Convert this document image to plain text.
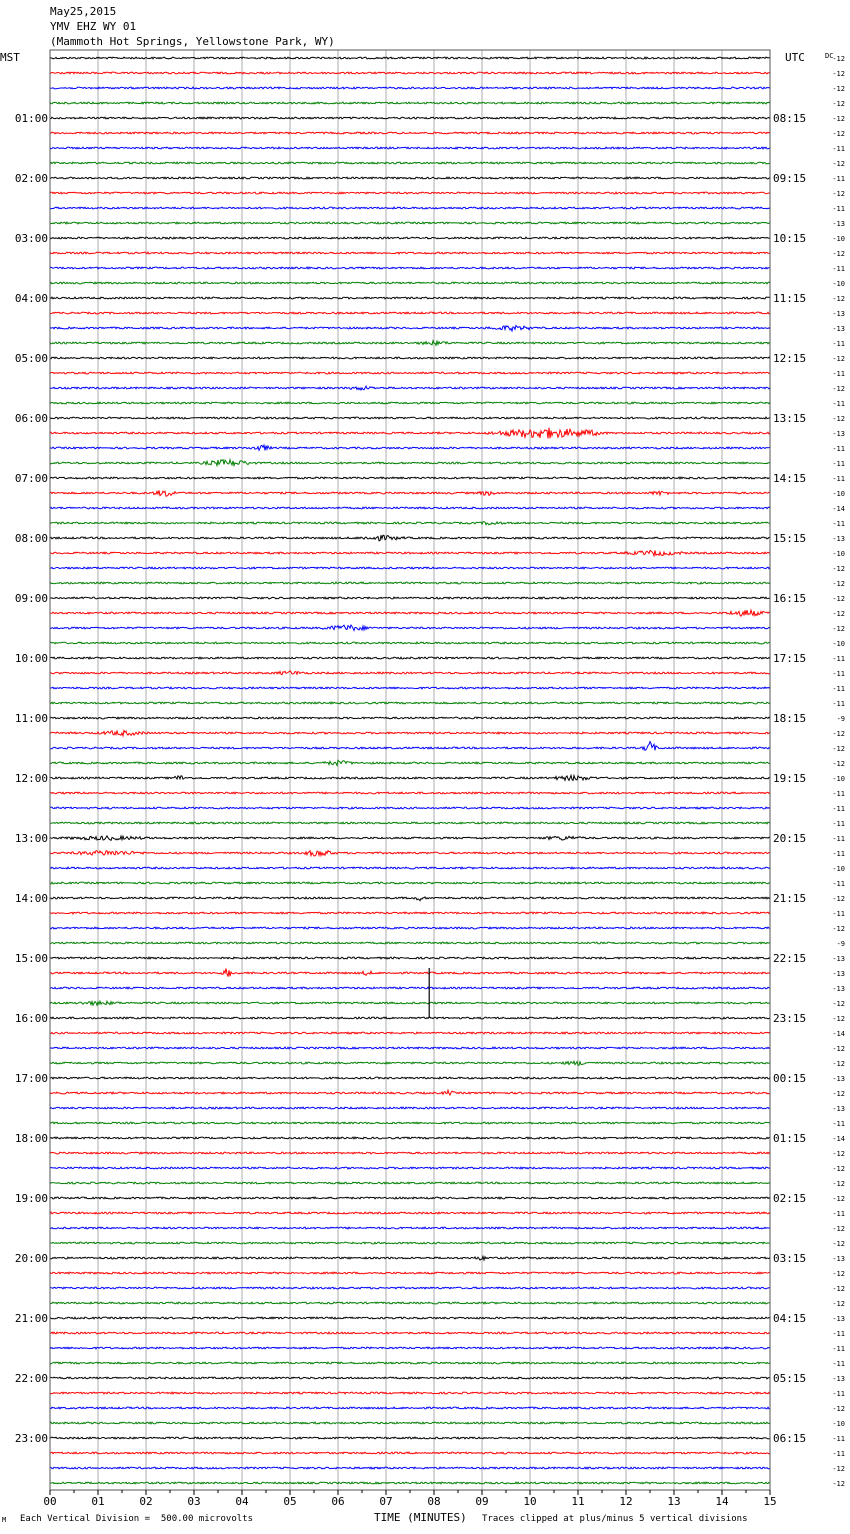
May25,2015
YMV EHZ WY 01
(Mammoth Hot Springs, Yellowstone Park, WY)
MST	UTC	DC
01:00
02:00
03:00
04:00
05:00
06:00
07:00
08:00
09:00
10:00
11:00
12:00
13:00
14:00
15:00
16:00
17:00
18:00
19:00
20:00
21:00
22:00
23:00
08:15
09:15
10:15
11:15
12:15
13:15
14:15
15:15
16:15
17:15
18:15
19:15
20:15
21:15
22:15
23:15
00:15
01:15
02:15
03:15
04:15
05:15
06:15
-12
-12
-12
-12
-12
-12
-11
-12
-11
-12
-11
-13
-10
-12
-11
-10
-12
-13
-13
-11
-12
-11
-12
-11
-12
-13
-11
-11
-11
-10
-14
-11
-13
-10
-12
-12
-12
-12
-12
-10
-11
-11
-11
-11
-9
-12
-12
-12
-10
-11
-11
-11
-11
-11
-10
-11
-12
-11
-12
-9
-13
-13
-13
-12
-12
-14
-12
-12
-13
-12
-13
-11
-14
-12
-12
-12
-12
-11
-12
-12
-13
-12
-12
-12
-13
-11
-11
-11
-13
-11
-12
-10
-11
-11
-12
-12
00	01	02	03	04	05	06	07	08	09	10	11	12	13	14	15
M Each Vertical Division =  500.00 microvolts	TIME (MINUTES) Traces clipped at plus/minus 5 vertical divisions
